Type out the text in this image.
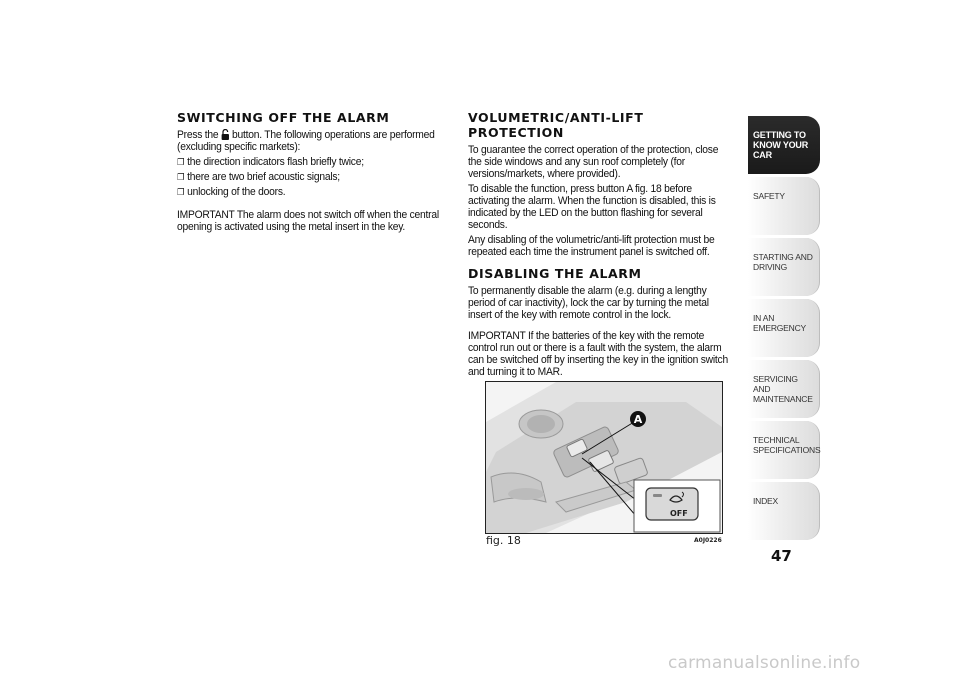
SWITCHING OFF THE ALARM

Press the button. The following operations are performed (excluding specific markets):

❐ the direction indicators flash briefly twice;

❐ there are two brief acoustic signals;

❐ unlocking of the doors.

IMPORTANT The alarm does not switch off when the central opening is activated using the metal insert in the key.

VOLUMETRIC/ANTI-LIFT PROTECTION

To guarantee the correct operation of the protection, close the side windows and any sun roof completely (for versions/markets, where provided).

To disable the function, press button A fig. 18 before activating the alarm. When the function is disabled, this is indicated by the LED on the button flashing for several seconds.

Any disabling of the volumetric/anti-lift protection must be repeated each time the instrument panel is switched off.

DISABLING THE ALARM

To permanently disable the alarm (e.g. during a lengthy period of car inactivity), lock the car by turning the metal insert of the key with remote control in the lock.

IMPORTANT If the batteries of the key with the remote control run out or there is a fault with the system, the alarm can be switched off by inserting the key in the ignition switch and turning it to MAR.

A
OFF
fig. 18	A0J0226
GETTING TO
KNOW YOUR CAR
SAFETY
STARTING AND
DRIVING
IN AN EMERGENCY
SERVICING AND
MAINTENANCE
TECHNICAL
SPECIFICATIONS
INDEX
47
carmanualsonline.info
